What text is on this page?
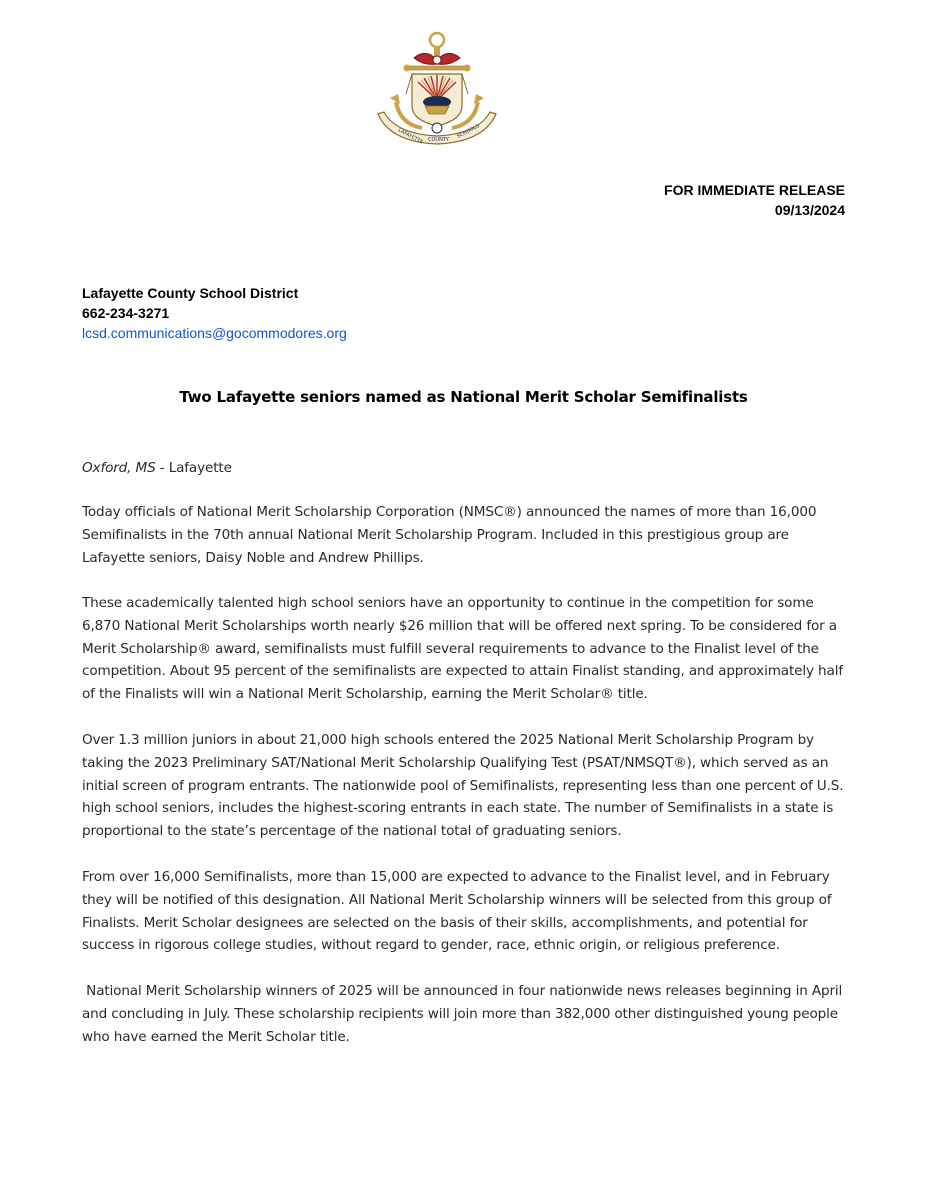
LAFAYETTE COUNTY
SCHOOLS
FOR IMMEDIATE RELEASE
09/13/2024
Lafayette County School District
662-234-3271
lcsd.communications@gocommodores.org
Two Lafayette seniors named as National Merit Scholar Semifinalists
Oxford, MS - Lafayette
Today officials of National Merit Scholarship Corporation (NMSC®) announced the names of more than 16,000 Semifinalists in the 70th annual National Merit Scholarship Program. Included in this prestigious group are Lafayette seniors, Daisy Noble and Andrew Phillips.
These academically talented high school seniors have an opportunity to continue in the competition for some 6,870 National Merit Scholarships worth nearly $26 million that will be offered next spring. To be considered for a Merit Scholarship® award, semifinalists must fulfill several requirements to advance to the Finalist level of the competition. About 95 percent of the semifinalists are expected to attain Finalist standing, and approximately half of the Finalists will win a National Merit Scholarship, earning the Merit Scholar® title.
Over 1.3 million juniors in about 21,000 high schools entered the 2025 National Merit Scholarship Program by taking the 2023 Preliminary SAT/National Merit Scholarship Qualifying Test (PSAT/NMSQT®), which served as an initial screen of program entrants. The nationwide pool of Semifinalists, representing less than one percent of U.S. high school seniors, includes the highest-scoring entrants in each state. The number of Semifinalists in a state is proportional to the state’s percentage of the national total of graduating seniors.
From over 16,000 Semifinalists, more than 15,000 are expected to advance to the Finalist level, and in February they will be notified of this designation. All National Merit Scholarship winners will be selected from this group of Finalists. Merit Scholar designees are selected on the basis of their skills, accomplishments, and potential for success in rigorous college studies, without regard to gender, race, ethnic origin, or religious preference.
National Merit Scholarship winners of 2025 will be announced in four nationwide news releases beginning in April and concluding in July. These scholarship recipients will join more than 382,000 other distinguished young people who have earned the Merit Scholar title.
